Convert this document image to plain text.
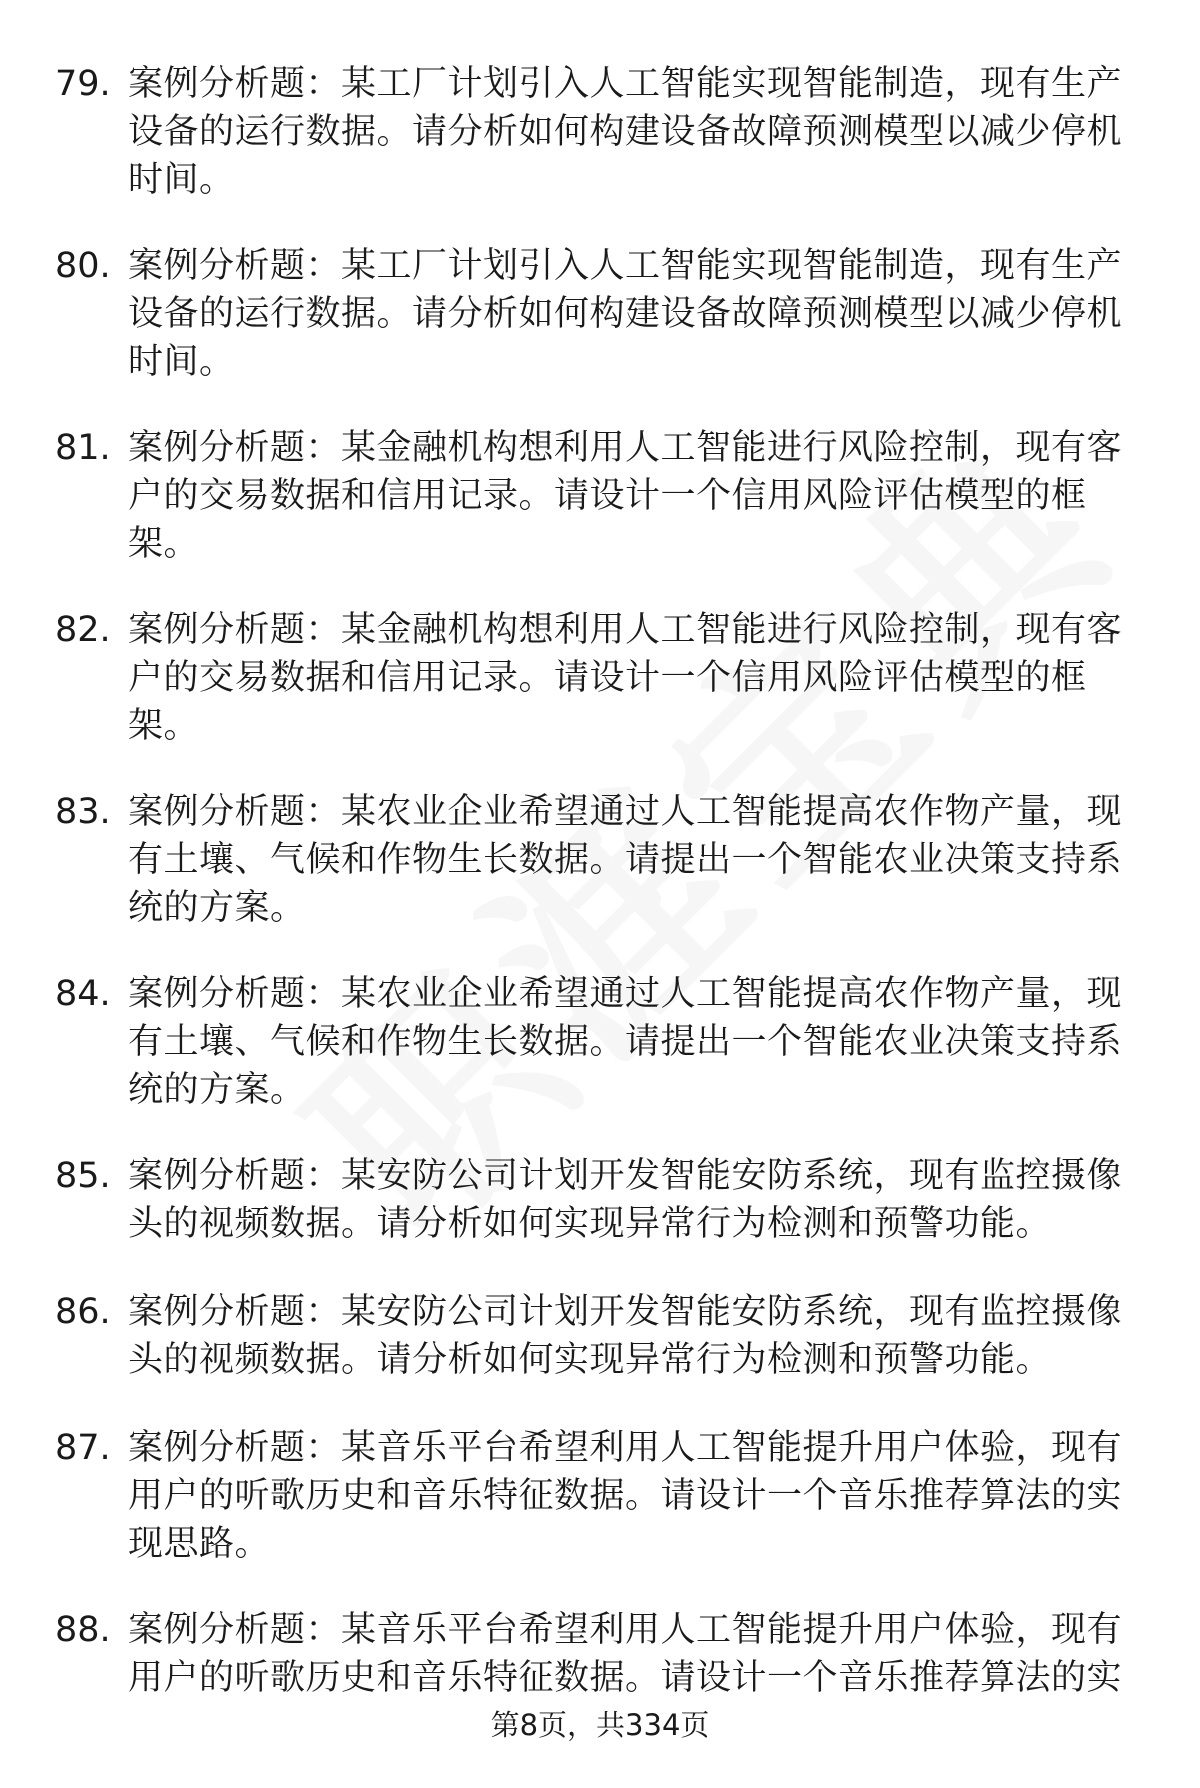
79. 案例分析题：某工厂计划引入人工智能实现智能制造，现有生产设备的运行数据。请分析如何构建设备故障预测模型以减少停机时间。
80. 案例分析题：某工厂计划引入人工智能实现智能制造，现有生产设备的运行数据。请分析如何构建设备故障预测模型以减少停机时间。
81. 案例分析题：某金融机构想利用人工智能进行风险控制，现有客户的交易数据和信用记录。请设计一个信用风险评估模型的框架。
82. 案例分析题：某金融机构想利用人工智能进行风险控制，现有客户的交易数据和信用记录。请设计一个信用风险评估模型的框架。
83. 案例分析题：某农业企业希望通过人工智能提高农作物产量，现有土壤、气候和作物生长数据。请提出一个智能农业决策支持系统的方案。
84. 案例分析题：某农业企业希望通过人工智能提高农作物产量，现有土壤、气候和作物生长数据。请提出一个智能农业决策支持系统的方案。
85. 案例分析题：某安防公司计划开发智能安防系统，现有监控摄像头的视频数据。请分析如何实现异常行为检测和预警功能。
86. 案例分析题：某安防公司计划开发智能安防系统，现有监控摄像头的视频数据。请分析如何实现异常行为检测和预警功能。
87. 案例分析题：某音乐平台希望利用人工智能提升用户体验，现有用户的听歌历史和音乐特征数据。请设计一个音乐推荐算法的实现思路。
88. 案例分析题：某音乐平台希望利用人工智能提升用户体验，现有用户的听歌历史和音乐特征数据。请设计一个音乐推荐算法的实
第8页，共334页
